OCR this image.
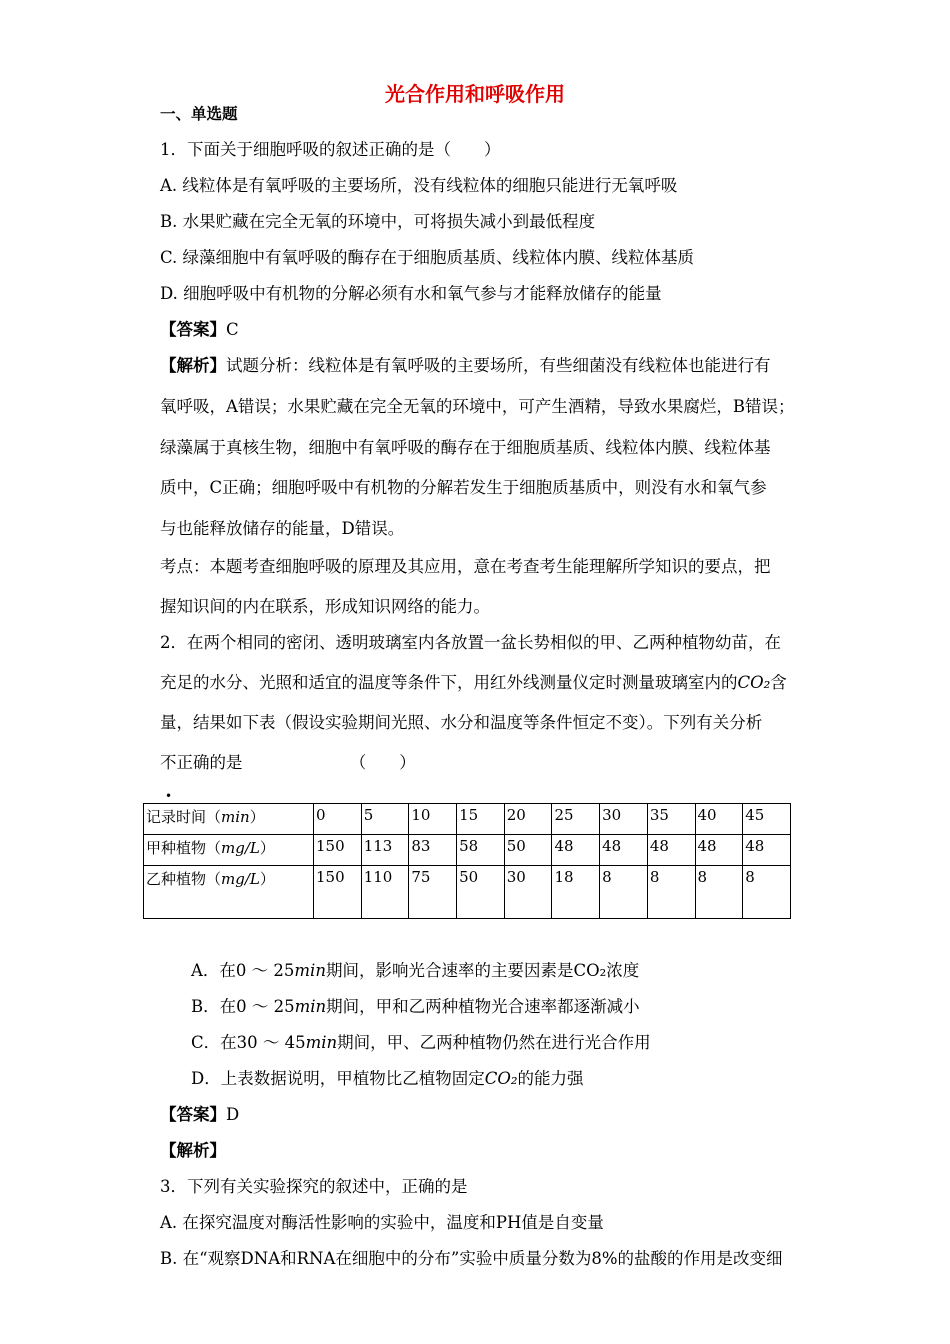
光合作用和呼吸作用
一、单选题
1．下面关于细胞呼吸的叙述正确的是（　　）
A. 线粒体是有氧呼吸的主要场所，没有线粒体的细胞只能进行无氧呼吸
B. 水果贮藏在完全无氧的环境中，可将损失减小到最低程度
C. 绿藻细胞中有氧呼吸的酶存在于细胞质基质、线粒体内膜、线粒体基质
D. 细胞呼吸中有机物的分解必须有水和氧气参与才能释放储存的能量
【答案】C
【解析】试题分析：线粒体是有氧呼吸的主要场所，有些细菌没有线粒体也能进行有
氧呼吸，A错误；水果贮藏在完全无氧的环境中，可产生酒精，导致水果腐烂，B错误；
绿藻属于真核生物，细胞中有氧呼吸的酶存在于细胞质基质、线粒体内膜、线粒体基
质中，C正确；细胞呼吸中有机物的分解若发生于细胞质基质中，则没有水和氧气参
与也能释放储存的能量，D错误。
考点：本题考查细胞呼吸的原理及其应用，意在考查考生能理解所学知识的要点，把
握知识间的内在联系，形成知识网络的能力。
2．在两个相同的密闭、透明玻璃室内各放置一盆长势相似的甲、乙两种植物幼苗，在
充足的水分、光照和适宜的温度等条件下，用红外线测量仪定时测量玻璃室内的CO₂含
量，结果如下表（假设实验期间光照、水分和温度等条件恒定不变）。下列有关分析
不正确的是　　　　　　　（　　）
•
记录时间（min）	0	5	10	15	20	25	30	35	40	45
甲种植物（mg/L）	150	113	83	58	50	48	48	48	48	48
乙种植物（mg/L）	150	110	75	50	30	18	8	8	8	8
A．在0 ～ 25min期间，影响光合速率的主要因素是CO₂浓度
B．在0 ～ 25min期间，甲和乙两种植物光合速率都逐渐减小
C．在30 ～ 45min期间，甲、乙两种植物仍然在进行光合作用
D．上表数据说明，甲植物比乙植物固定CO₂的能力强
【答案】D
【解析】
3．下列有关实验探究的叙述中，正确的是
A. 在探究温度对酶活性影响的实验中，温度和PH值是自变量
B. 在“观察DNA和RNA在细胞中的分布”实验中质量分数为8%的盐酸的作用是改变细
